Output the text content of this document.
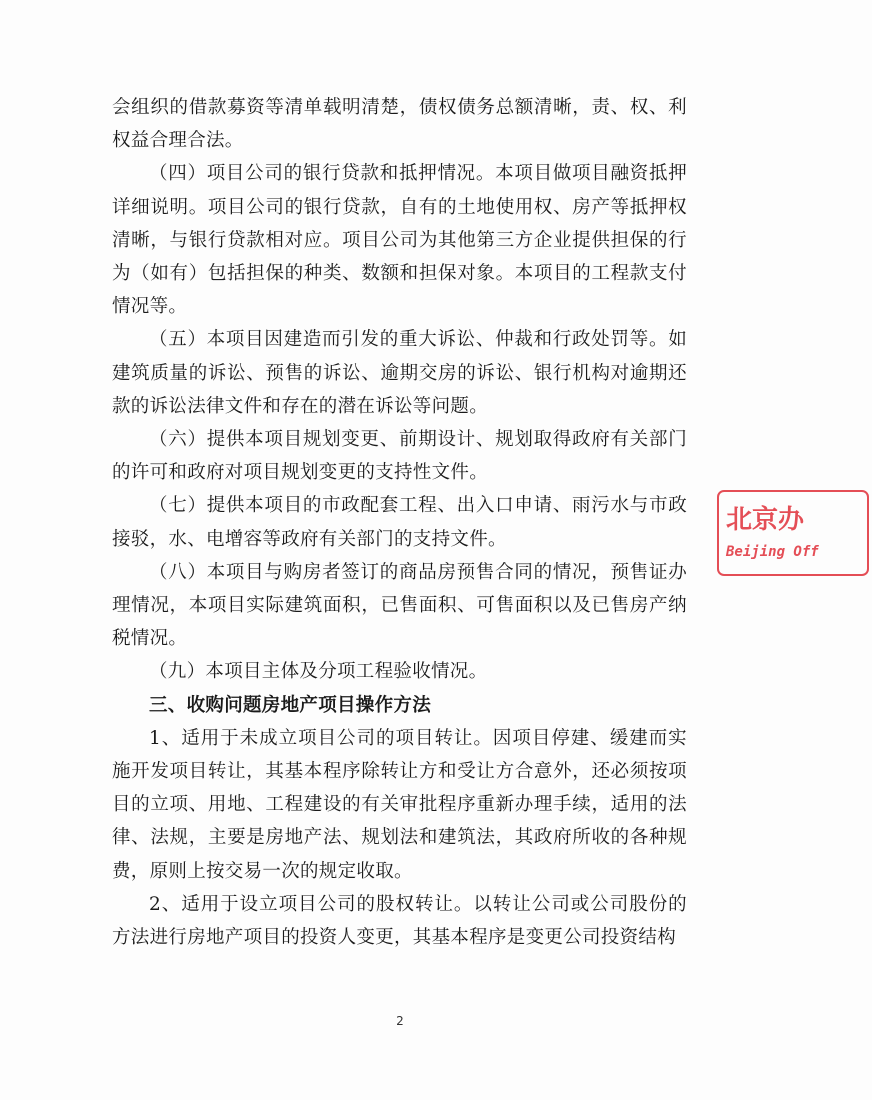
会组织的借款募资等清单载明清楚，债权债务总额清晰，责、权、利权益合理合法。

（四）项目公司的银行贷款和抵押情况。本项目做项目融资抵押详细说明。项目公司的银行贷款，自有的土地使用权、房产等抵押权清晰，与银行贷款相对应。项目公司为其他第三方企业提供担保的行为（如有）包括担保的种类、数额和担保对象。本项目的工程款支付情况等。

（五）本项目因建造而引发的重大诉讼、仲裁和行政处罚等。如建筑质量的诉讼、预售的诉讼、逾期交房的诉讼、银行机构对逾期还款的诉讼法律文件和存在的潜在诉讼等问题。

（六）提供本项目规划变更、前期设计、规划取得政府有关部门的许可和政府对项目规划变更的支持性文件。

（七）提供本项目的市政配套工程、出入口申请、雨污水与市政接驳，水、电增容等政府有关部门的支持文件。

（八）本项目与购房者签订的商品房预售合同的情况，预售证办理情况，本项目实际建筑面积，已售面积、可售面积以及已售房产纳税情况。

（九）本项目主体及分项工程验收情况。

三、收购问题房地产项目操作方法

1、适用于未成立项目公司的项目转让。因项目停建、缓建而实施开发项目转让，其基本程序除转让方和受让方合意外，还必须按项目的立项、用地、工程建设的有关审批程序重新办理手续，适用的法律、法规，主要是房地产法、规划法和建筑法，其政府所收的各种规费，原则上按交易一次的规定收取。

2、适用于设立项目公司的股权转让。以转让公司或公司股份的方法进行房地产项目的投资人变更，其基本程序是变更公司投资结构

2
北京办
Beijing Off
